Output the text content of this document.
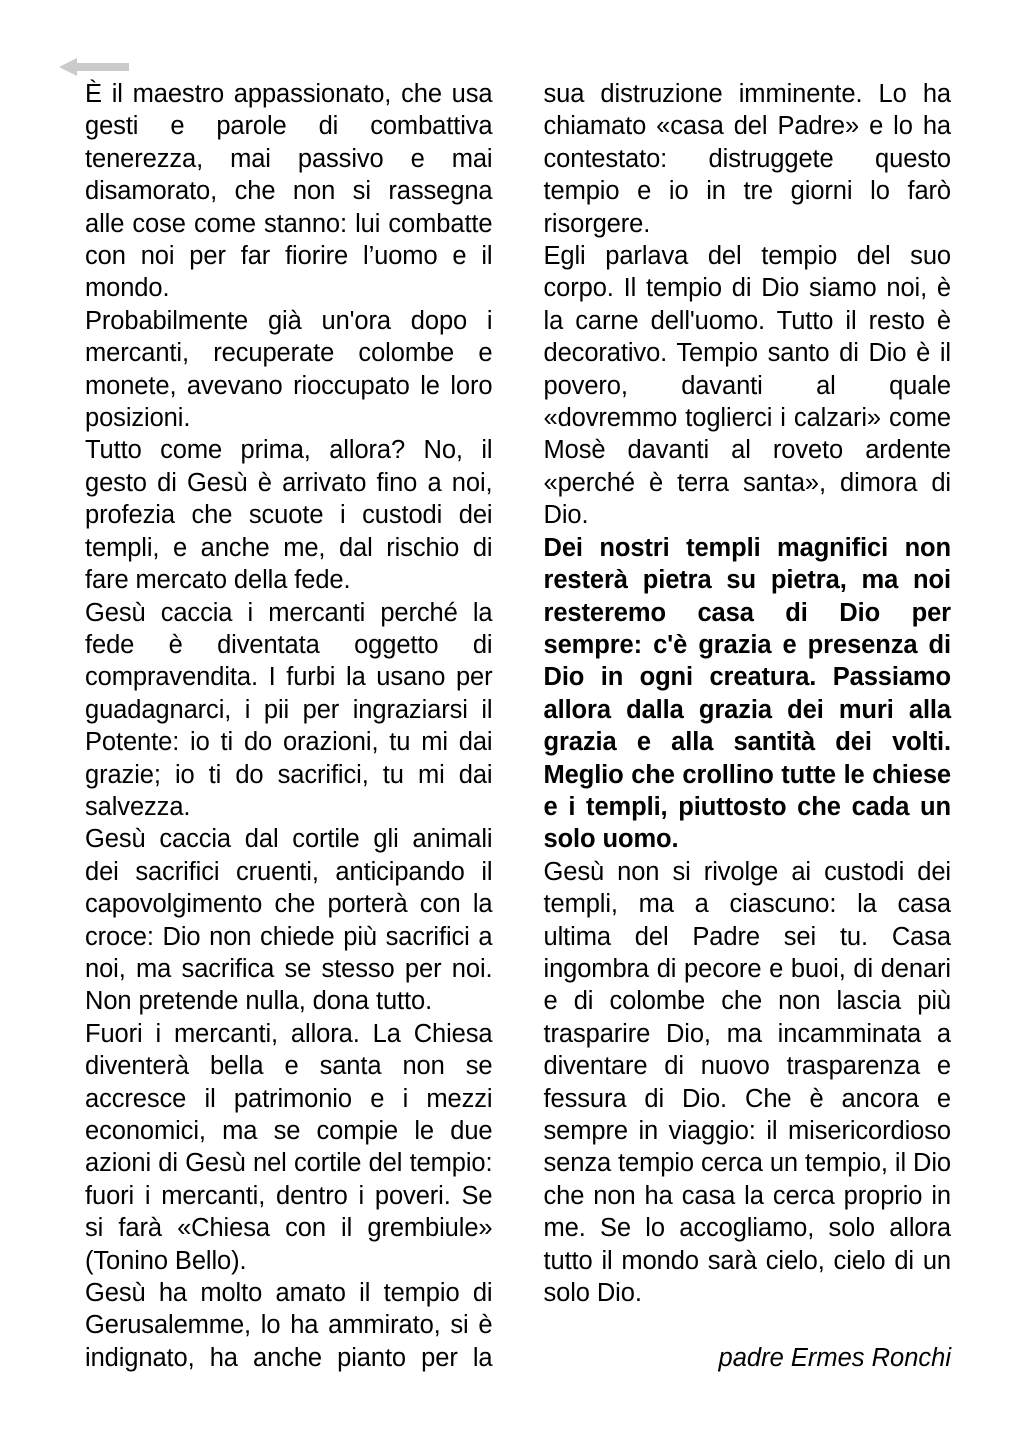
È il maestro appassionato, che usa gesti e parole di combattiva tenerezza, mai passivo e mai disamorato, che non si rassegna alle cose come stanno: lui combatte con noi per far fiorire l’uomo e il mondo.

Probabilmente già un'ora dopo i mercanti, recuperate colombe e monete, avevano rioccupato le loro posizioni.

Tutto come prima, allora? No, il gesto di Gesù è arrivato fino a noi, profezia che scuote i custodi dei templi, e anche me, dal rischio di fare mercato della fede.

Gesù caccia i mercanti perché la fede è diventata oggetto di compravendita. I furbi la usano per guadagnarci, i pii per ingraziarsi il Potente: io ti do orazioni, tu mi dai grazie; io ti do sacrifici, tu mi dai salvezza.

Gesù caccia dal cortile gli animali dei sacrifici cruenti, anticipando il capovolgimento che porterà con la croce: Dio non chiede più sacrifici a noi, ma sacrifica se stesso per noi. Non pretende nulla, dona tutto.

Fuori i mercanti, allora. La Chiesa diventerà bella e santa non se accresce il patrimonio e i mezzi economici, ma se compie le due azioni di Gesù nel cortile del tempio: fuori i mercanti, dentro i poveri. Se si farà «Chiesa con il grembiule» (Tonino Bello).

Gesù ha molto amato il tempio di Gerusalemme, lo ha ammirato, si è indignato, ha anche pianto per la sua distruzione imminente. Lo ha chiamato «casa del Padre» e lo ha contestato: distruggete questo tempio e io in tre giorni lo farò risorgere.

Egli parlava del tempio del suo corpo. Il tempio di Dio siamo noi, è la carne dell'uomo. Tutto il resto è decorativo. Tempio santo di Dio è il povero, davanti al quale «dovremmo toglierci i calzari» come Mosè davanti al roveto ardente «perché è terra santa», dimora di Dio.

Dei nostri templi magnifici non resterà pietra su pietra, ma noi resteremo casa di Dio per sempre: c'è grazia e presenza di Dio in ogni creatura. Passiamo allora dalla grazia dei muri alla grazia e alla santità dei volti. Meglio che crollino tutte le chiese e i templi, piuttosto che cada un solo uomo.

Gesù non si rivolge ai custodi dei templi, ma a ciascuno: la casa ultima del Padre sei tu. Casa ingombra di pecore e buoi, di denari e di colombe che non lascia più trasparire Dio, ma incamminata a diventare di nuovo trasparenza e fessura di Dio. Che è ancora e sempre in viaggio: il misericordioso senza tempio cerca un tempio, il Dio che non ha casa la cerca proprio in me. Se lo accogliamo, solo allora tutto il mondo sarà cielo, cielo di un solo Dio.

padre Ermes Ronchi
